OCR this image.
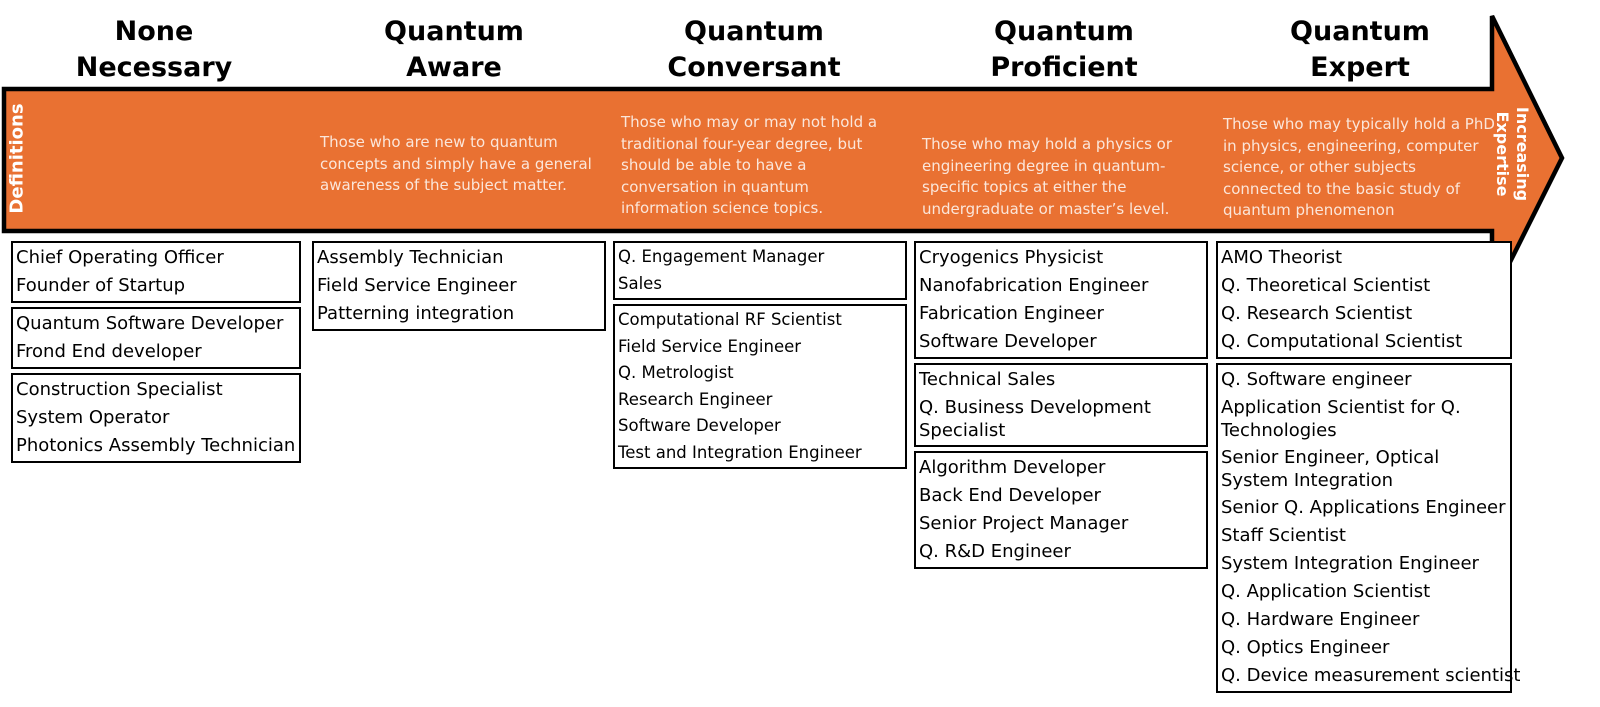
None
Necessary
Quantum
Aware
Quantum
Conversant
Quantum
Proficient
Quantum
Expert
Definitions	Those who are new to quantum concepts and simply have a general awareness of the subject matter.
Those who may or may not hold a traditional four-year degree, but should be able to have a conversation in quantum information science topics.
Those who may hold a physics or engineering degree in quantum-specific topics at either the undergraduate or master’s level.
Those who may typically hold a PhD in physics, engineering, computer science, or other subjects connected to the basic study of quantum phenomenon
Increasing
Expertise
Chief Operating Officer
Founder of Startup
Quantum Software Developer
Frond End developer
Construction Specialist
System Operator
Photonics Assembly Technician
Assembly Technician
Field Service Engineer
Patterning integration
Q. Engagement Manager
Sales
Computational RF Scientist
Field Service Engineer
Q. Metrologist
Research Engineer
Software Developer
Test and Integration Engineer
Cryogenics Physicist
Nanofabrication Engineer
Fabrication Engineer
Software Developer
Technical Sales
Q. Business Development Specialist
Algorithm Developer
Back End Developer
Senior Project Manager
Q. R&D Engineer
AMO Theorist
Q. Theoretical Scientist
Q. Research Scientist
Q. Computational Scientist
Q. Software engineer
Application Scientist for Q. Technologies
Senior Engineer, Optical System Integration
Senior Q. Applications Engineer
Staff Scientist
System Integration Engineer
Q. Application Scientist
Q. Hardware Engineer
Q. Optics Engineer
Q. Device measurement scientist
